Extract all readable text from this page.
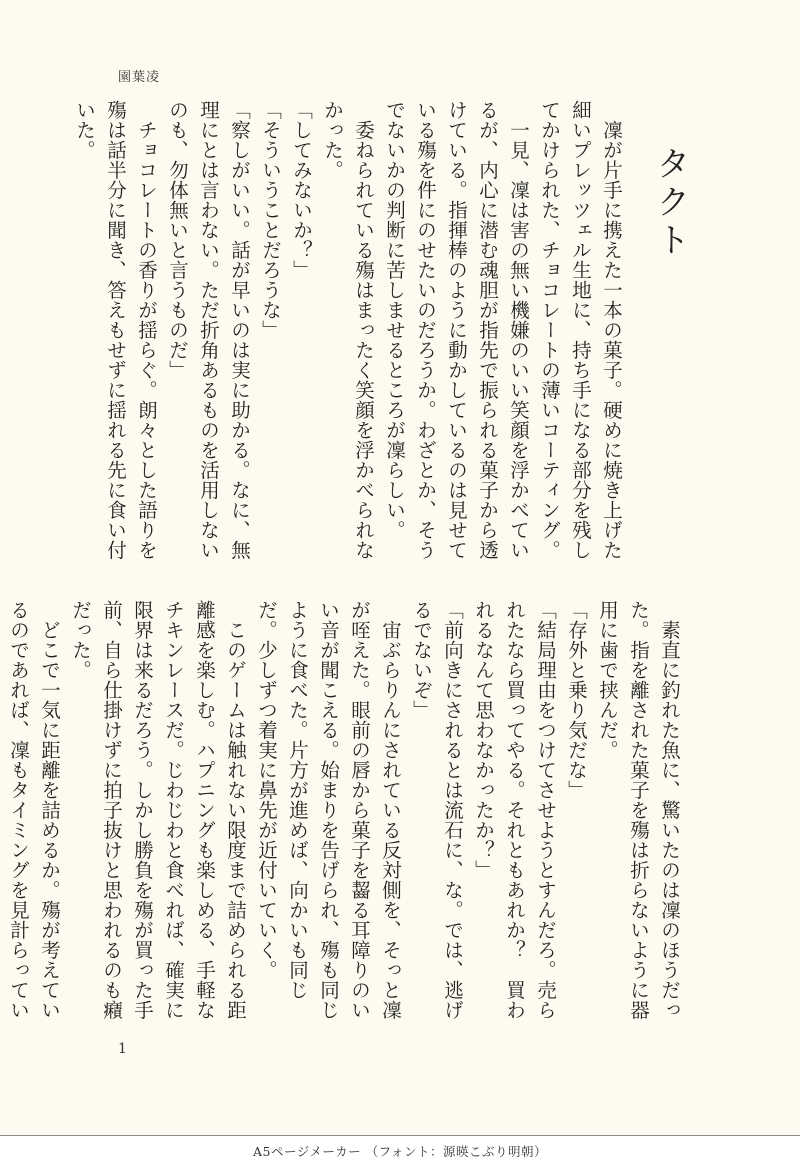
園葉凌
タクト

　凜が片手に携えた一本の菓子。硬めに焼き上げた細いプレッツェル生地に、持ち手になる部分を残してかけられた、チョコレートの薄いコーティング。

　一見、凜は害の無い機嫌のいい笑顔を浮かべているが、内心に潜む魂胆が指先で振られる菓子から透けている。指揮棒のように動かしているのは見せている殤を件にのせたいのだろうか。わざとか、そうでないかの判断に苦しませるところが凜らしい。

　委ねられている殤はまったく笑顔を浮かべられなかった。

「してみないか？」

「そういうことだろうな」

「察しがいい。話が早いのは実に助かる。なに、無理にとは言わない。ただ折角あるものを活用しないのも、勿体無いと言うものだ」

　チョコレートの香りが揺らぐ。朗々とした語りを殤は話半分に聞き、答えもせずに揺れる先に食い付いた。

　素直に釣れた魚に、驚いたのは凜のほうだった。指を離された菓子を殤は折らないように器用に歯で挟んだ。

「存外と乗り気だな」

「結局理由をつけてさせようとすんだろ。売られたなら買ってやる。それともあれか？　買われるなんて思わなかったか？」

「前向きにされるとは流石に、な。では、逃げるでないぞ」

　宙ぶらりんにされている反対側を、そっと凜が咥えた。眼前の唇から菓子を齧る耳障りのいい音が聞こえる。始まりを告げられ、殤も同じように食べた。片方が進めば、向かいも同じだ。少しずつ着実に鼻先が近付いていく。

　このゲームは触れない限度まで詰められる距離感を楽しむ。ハプニングも楽しめる、手軽なチキンレースだ。じわじわと食べれば、確実に限界は来るだろう。しかし勝負を殤が買った手前、自ら仕掛けずに拍子抜けと思われるのも癪だった。

　どこで一気に距離を詰めるか。殤が考えているのであれば、凜もタイミングを見計らってい

1
A5ページメーカー （フォント：源暎こぶり明朝）
